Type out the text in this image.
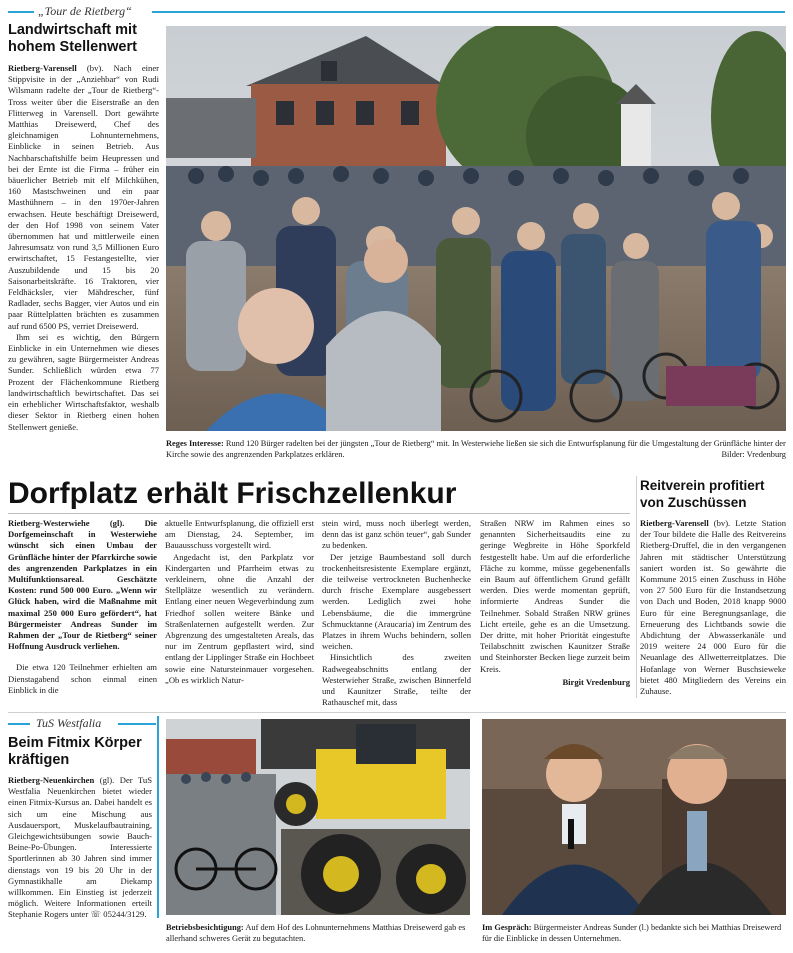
„Tour de Rietberg“
Landwirtschaft mit hohem Stellenwert

Rietberg-Varensell (bv). Nach einer Stippvisite in der „Anziehbar“ von Rudi Wilsmann radelte der „Tour de Rietberg“-Tross weiter über die Eiserstraße an den Flitterweg in Varensell. Dort gewährte Matthias Dreisewerd, Chef des gleichnamigen Lohnunternehmens, Einblicke in seinen Betrieb. Aus Nachbarschaftshilfe beim Heupressen und bei der Ernte ist die Firma – früher ein bäuerlicher Betrieb mit elf Milchkühen, 160 Mastschweinen und ein paar Masthühnern – in den 1970er-Jahren erwachsen. Heute beschäftigt Dreisewerd, der den Hof 1998 von seinem Vater übernommen hat und mittlerweile einen Jahresumsatz von rund 3,5 Millionen Euro erwirtschaftet, 15 Festangestellte, vier Auszubildende und 15 bis 20 Saisonarbeitskräfte. 16 Traktoren, vier Feldhäcksler, vier Mähdrescher, fünf Radlader, sechs Bagger, vier Autos und ein paar Rüttelplatten brächten es zusammen auf rund 6500 PS, verriet Dreisewerd.

Ihm sei es wichtig, den Bürgern Einblicke in ein Unternehmen wie dieses zu gewähren, sagte Bürgermeister Andreas Sunder. Schließlich würden etwa 77 Prozent der Flächenkommune Rietberg landwirtschaftlich bewirtschaftet. Das sei ein erheblicher Wirtschaftsfaktor, weshalb dieser Sektor in Rietberg einen hohen Stellenwert genieße.

Reges Interesse: Rund 120 Bürger radelten bei der jüngsten „Tour de Rietberg“ mit. In Westerwiehe ließen sie sich die Entwurfsplanung für die Umgestaltung der Grünfläche hinter der Kirche sowie des angrenzenden Parkplatzes erklären.	Bilder: Vredenburg
Dorfplatz erhält Frischzellenkur

Rietberg-Westerwiehe (gl). Die Dorfgemeinschaft in Westerwiehe wünscht sich einen Umbau der Grünfläche hinter der Pfarrkirche sowie des angrenzenden Parkplatzes in ein Multifunktionsareal. Geschätzte Kosten: rund 500 000 Euro. „Wenn wir Glück haben, wird die Maßnahme mit maximal 250 000 Euro gefördert“, hat Bürgermeister Andreas Sunder im Rahmen der „Tour de Rietberg“ seiner Hoffnung Ausdruck verliehen.

Die etwa 120 Teilnehmer erhielten am Dienstagabend schon einmal einen Einblick in die

aktuelle Entwurfsplanung, die offiziell erst am Dienstag, 24. September, im Bauausschuss vorgestellt wird.

Angedacht ist, den Parkplatz vor Kindergarten und Pfarrheim etwas zu verkleinern, ohne die Anzahl der Stellplätze wesentlich zu verändern. Entlang einer neuen Wegeverbindung zum Friedhof sollen weitere Bänke und Straßenlaternen aufgestellt werden. Zur Abgrenzung des umgestalteten Areals, das nur im Zentrum gepflastert wird, sind entlang der Lipplinger Straße ein Hochbeet sowie eine Natursteinmauer vorgesehen. „Ob es wirklich Natur-

stein wird, muss noch überlegt werden, denn das ist ganz schön teuer“, gab Sunder zu bedenken.

Der jetzige Baumbestand soll durch trockenheitsresistente Exemplare ergänzt, die teilweise vertrockneten Buchenhecke durch frische Exemplare ausgebessert werden. Lediglich zwei hohe Lebensbäume, die die immergrüne Schmucktanne (Araucaria) im Zentrum des Platzes in ihrem Wuchs behindern, sollen weichen.

Hinsichtlich des zweiten Radwegeabschnitts entlang der Westerwieher Straße, zwischen Binnerfeld und Kaunitzer Straße, teilte der Rathauschef mit, dass

Straßen NRW im Rahmen eines so genannten Sicherheitsaudits eine zu geringe Wegbreite in Höhe Sporkfeld festgestellt habe. Um auf die erforderliche Fläche zu komme, müsse gegebenenfalls ein Baum auf öffentlichem Grund gefällt werden. Dies werde momentan geprüft, informierte Andreas Sunder die Teilnehmer. Sobald Straßen NRW grünes Licht erteile, gehe es an die Umsetzung. Der dritte, mit hoher Priorität eingestufte Teilabschnitt zwischen Kaunitzer Straße und Steinhorster Becken liege zurzeit beim Kreis.

Birgit Vredenburg

Reitverein profitiert von Zuschüssen

Rietberg-Varensell (bv). Letzte Station der Tour bildete die Halle des Reitvereins Rietberg-Druffel, die in den vergangenen Jahren mit städtischer Unterstützung saniert worden ist. So gewährte die Kommune 2015 einen Zuschuss in Höhe von 27 500 Euro für die Instandsetzung von Dach und Boden, 2018 knapp 9000 Euro für eine Beregnungsanlage, die Erneuerung des Lichtbands sowie die Abdichtung der Abwasserkanäle und 2019 weitere 24 000 Euro für die Neuanlage des Allwetterreitplatzes. Die Hofanlage von Werner Buschsieweke bietet 480 Mitgliedern des Vereins ein Zuhause.

TuS Westfalia
Beim Fitmix Körper kräftigen

Rietberg-Neuenkirchen (gl). Der TuS Westfalia Neuenkirchen bietet wieder einen Fitmix-Kursus an. Dabei handelt es sich um eine Mischung aus Ausdauersport, Muskelaufbautraining, Gleichgewichtsübungen sowie Bauch-Beine-Po-Übungen. Interessierte Sportlerinnen ab 30 Jahren sind immer dienstags von 19 bis 20 Uhr in der Gymnastikhalle am Diekamp willkommen. Ein Einstieg ist jederzeit möglich. Weitere Informationen erteilt Stephanie Rogers unter ☏ 05244/3129.

Betriebsbesichtigung: Auf dem Hof des Lohnunternehmens Matthias Dreisewerd gab es allerhand schweres Gerät zu begutachten.
Im Gespräch: Bürgermeister Andreas Sunder (l.) bedankte sich bei Matthias Dreisewerd für die Einblicke in dessen Unternehmen.
